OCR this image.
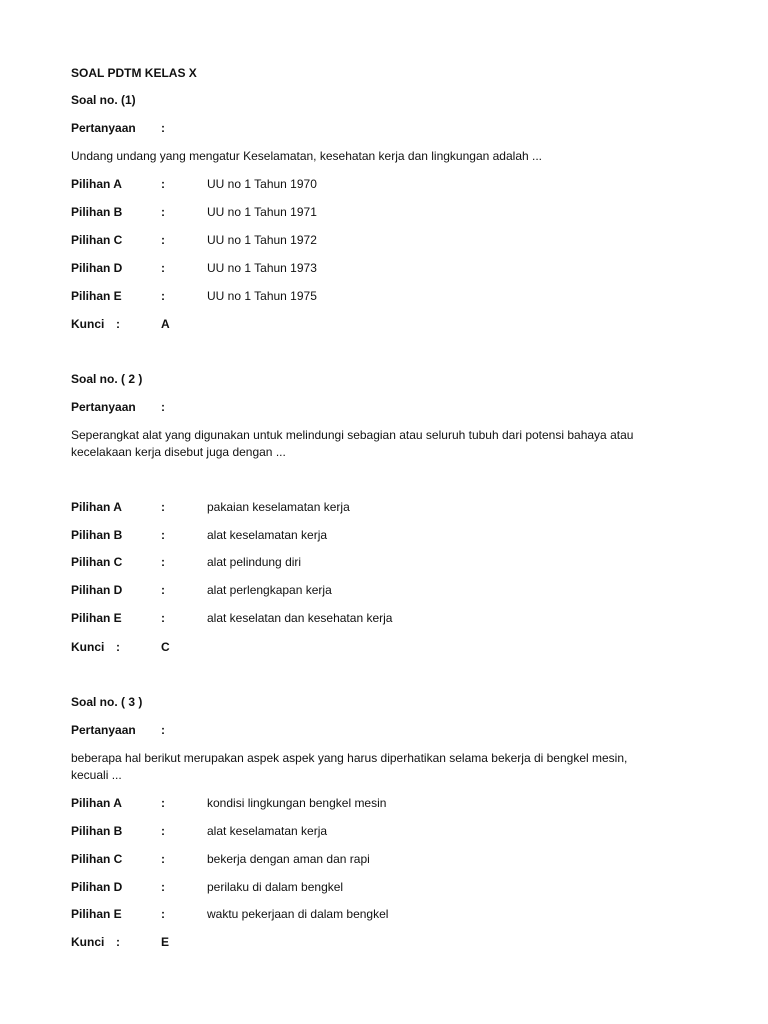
SOAL PDTM KELAS X
Soal no. (1)
Pertanyaan :
Undang undang yang mengatur Keselamatan, kesehatan kerja dan lingkungan adalah ...
Pilihan A	:	UU no 1 Tahun 1970
Pilihan B	:	UU no 1 Tahun 1971
Pilihan C	:	UU no 1 Tahun 1972
Pilihan D	:	UU no 1 Tahun 1973
Pilihan E	:	UU no 1 Tahun 1975
Kunci :	A
Soal no. ( 2 )
Pertanyaan :
Seperangkat alat yang digunakan untuk melindungi sebagian atau seluruh tubuh dari potensi bahaya atau
kecelakaan kerja disebut juga dengan ...
Pilihan A	:	pakaian keselamatan kerja
Pilihan B	:	alat keselamatan kerja
Pilihan C	:	alat pelindung diri
Pilihan D	:	alat perlengkapan kerja
Pilihan E	:	alat keselatan dan kesehatan kerja
Kunci :	C
Soal no. ( 3 )
Pertanyaan :
beberapa hal berikut merupakan aspek aspek yang harus diperhatikan selama bekerja di bengkel mesin,
kecuali ...
Pilihan A	:	kondisi lingkungan bengkel mesin
Pilihan B	:	alat keselamatan kerja
Pilihan C	:	bekerja dengan aman dan rapi
Pilihan D	:	perilaku di dalam bengkel
Pilihan E	:	waktu pekerjaan di dalam bengkel
Kunci :	E
